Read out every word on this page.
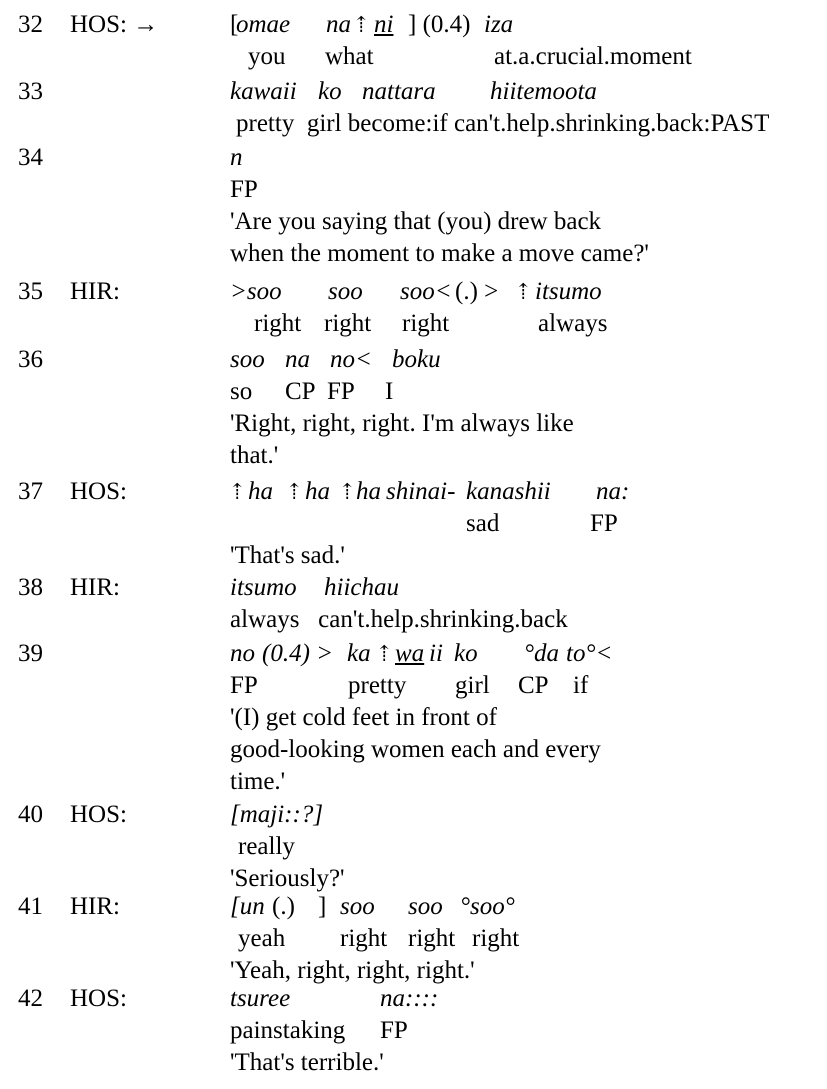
32 HOS: →	[
omae na ⇡ ni ] (0.4) iza
you what	at.a.crucial.moment
33	kawaii ko nattara hiitemoota
pretty  girl become:if can't.help.shrinking.back:PAST
34	n
FP
'Are you saying that (you) drew back
when the moment to make a move came?'
35 HIR:	>soo soo soo< (.) > ⇡ itsumo
right right right	always
36	soo na no< boku
so CP FP I
'Right, right, right. I'm always like
that.'
37 HOS:	⇡ ha ⇡ ha ⇡ ha shinai- kanashii na:
sad	FP
'That's sad.'
38 HIR:	itsumo hiichau
always   can't.help.shrinking.back
39	no (0.4) > ka ⇡ wa ii ko °da to°<
FP	pretty girl CP if
'(I) get cold feet in front of
good-looking women each and every
time.'
40 HOS:	[maji::?]
really
'Seriously?'
41 HIR:	[un (.) ] soo soo °soo°
yeah right right right
'Yeah, right, right, right.'
42 HOS:	tsuree	na::::
painstaking FP
'That's terrible.'
